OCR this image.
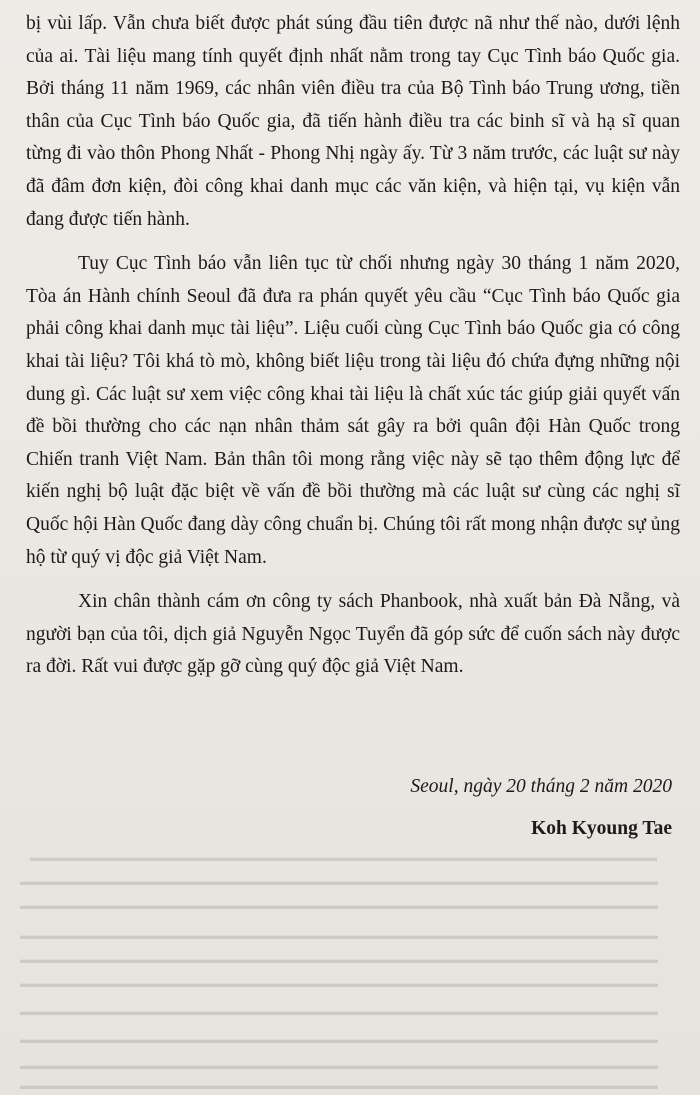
▬▬▬▬▬▬▬▬▬▬▬▬▬▬▬▬▬▬▬▬▬▬▬▬▬▬▬▬▬▬▬▬▬▬▬▬▬▬▬▬▬▬▬▬▬▬▬▬▬▬▬▬▬▬▬▬▬
▬▬▬▬▬▬▬▬▬▬▬▬▬▬▬▬▬▬▬▬▬▬▬▬▬▬▬▬▬▬▬▬▬▬▬▬▬▬▬▬▬▬▬▬▬▬▬▬▬▬▬▬▬▬▬▬▬▬
▬▬▬▬▬▬▬▬▬▬▬▬▬▬▬▬▬▬▬▬▬▬▬▬▬▬▬▬▬▬▬▬▬▬▬▬▬▬▬▬▬▬▬▬▬▬▬▬▬▬▬▬▬▬▬▬▬▬
▬▬▬▬▬▬▬▬▬▬▬▬▬▬▬▬▬▬▬▬▬▬▬▬▬▬▬▬▬▬▬▬▬▬▬▬▬▬▬▬▬▬▬▬▬▬▬▬▬▬▬▬▬▬▬▬▬▬
▬▬▬▬▬▬▬▬▬▬▬▬▬▬▬▬▬▬▬▬▬▬▬▬▬▬▬▬▬▬▬▬▬▬▬▬▬▬▬▬▬▬▬▬▬▬▬▬▬▬▬▬▬▬▬▬▬▬
▬▬▬▬▬▬▬▬▬▬▬▬▬▬▬▬▬▬▬▬▬▬▬▬▬▬▬▬▬▬▬▬▬▬▬▬▬▬▬▬▬▬▬▬▬▬▬▬▬▬▬▬▬▬▬▬▬▬
▬▬▬▬▬▬▬▬▬▬▬▬▬▬▬▬▬▬▬▬▬▬▬▬▬▬▬▬▬▬▬▬▬▬▬▬▬▬▬▬▬▬▬▬▬▬▬▬▬▬▬▬▬▬▬▬▬▬
▬▬▬▬▬▬▬▬▬▬▬▬▬▬▬▬▬▬▬▬▬▬▬▬▬▬▬▬▬▬▬▬▬▬▬▬▬▬▬▬▬▬▬▬▬▬▬▬▬▬▬▬▬▬▬▬▬▬
▬▬▬▬▬▬▬▬▬▬▬▬▬▬▬▬▬▬▬▬▬▬▬▬▬▬▬▬▬▬▬▬▬▬▬▬▬▬▬▬▬▬▬▬▬▬▬▬▬▬▬▬▬▬▬▬▬▬
▬▬▬▬▬▬▬▬▬▬▬▬▬▬▬▬▬▬▬▬▬▬▬▬▬▬▬▬▬▬▬▬▬▬▬▬▬▬▬▬▬▬▬▬▬▬▬▬▬▬▬▬▬▬▬▬▬▬

bị vùi lấp. Vẫn chưa biết được phát súng đầu tiên được nã như thế nào, dưới lệnh của ai. Tài liệu mang tính quyết định nhất nằm trong tay Cục Tình báo Quốc gia. Bởi tháng 11 năm 1969, các nhân viên điều tra của Bộ Tình báo Trung ương, tiền thân của Cục Tình báo Quốc gia, đã tiến hành điều tra các binh sĩ và hạ sĩ quan từng đi vào thôn Phong Nhất - Phong Nhị ngày ấy. Từ 3 năm trước, các luật sư này đã đâm đơn kiện, đòi công khai danh mục các văn kiện, và hiện tại, vụ kiện vẫn đang được tiến hành.

Tuy Cục Tình báo vẫn liên tục từ chối nhưng ngày 30 tháng 1 năm 2020, Tòa án Hành chính Seoul đã đưa ra phán quyết yêu cầu “Cục Tình báo Quốc gia phải công khai danh mục tài liệu”. Liệu cuối cùng Cục Tình báo Quốc gia có công khai tài liệu? Tôi khá tò mò, không biết liệu trong tài liệu đó chứa đựng những nội dung gì. Các luật sư xem việc công khai tài liệu là chất xúc tác giúp giải quyết vấn đề bồi thường cho các nạn nhân thảm sát gây ra bởi quân đội Hàn Quốc trong Chiến tranh Việt Nam. Bản thân tôi mong rằng việc này sẽ tạo thêm động lực để kiến nghị bộ luật đặc biệt về vấn đề bồi thường mà các luật sư cùng các nghị sĩ Quốc hội Hàn Quốc đang dày công chuẩn bị. Chúng tôi rất mong nhận được sự ủng hộ từ quý vị độc giả Việt Nam.

Xin chân thành cám ơn công ty sách Phanbook, nhà xuất bản Đà Nẵng, và người bạn của tôi, dịch giả Nguyễn Ngọc Tuyển đã góp sức để cuốn sách này được ra đời. Rất vui được gặp gỡ cùng quý độc giả Việt Nam.

Seoul, ngày 20 tháng 2 năm 2020
Koh Kyoung Tae
